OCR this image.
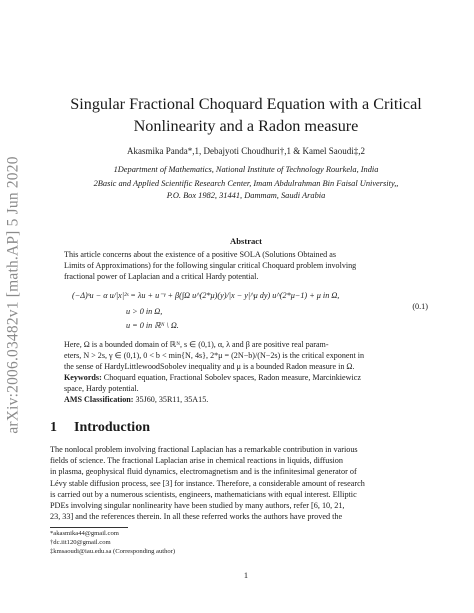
arXiv:2006.03482v1 [math.AP] 5 Jun 2020
Singular Fractional Choquard Equation with a Critical
Nonlinearity and a Radon measure
Akasmika Panda*,1, Debajyoti Choudhuri†,1 & Kamel Saoudi‡,2
1Department of Mathematics, National Institute of Technology Rourkela, India
2Basic and Applied Scientific Research Center, Imam Abdulrahman Bin Faisal University,,
P.O. Box 1982, 31441, Dammam, Saudi Arabia
Abstract
This article concerns about the existence of a positive SOLA (Solutions Obtained as
Limits of Approximations) for the following singular critical Choquard problem involving
fractional power of Laplacian and a critical Hardy potential.
(−Δ)ˢu − α u/|x|²ˢ = λu + u⁻ᵞ + β(∫Ω u^(2*μ)(y)/|x − y|^μ dy) u^(2*μ−1) + μ in Ω,
u > 0 in Ω,
u = 0 in ℝᴺ \ Ω.
(0.1)
Here, Ω is a bounded domain of ℝᴺ, s ∈ (0,1), α, λ and β are positive real param-
eters, N > 2s, γ ∈ (0,1), 0 < b < min{N, 4s}, 2*μ = (2N−b)/(N−2s) is the critical exponent in
the sense of HardyLittlewoodSobolev inequality and μ is a bounded Radon measure in Ω.
Keywords: Choquard equation, Fractional Sobolev spaces, Radon measure, Marcinkiewicz
space, Hardy potential.
AMS Classification: 35J60, 35R11, 35A15.
1 Introduction
The nonlocal problem involving fractional Laplacian has a remarkable contribution in various
fields of science. The fractional Laplacian arise in chemical reactions in liquids, diffusion
in plasma, geophysical fluid dynamics, electromagnetism and is the infinitesimal generator of
Lévy stable diffusion process, see [3] for instance. Therefore, a considerable amount of research
is carried out by a numerous scientists, engineers, mathematicians with equal interest. Elliptic
PDEs involving singular nonlinearity have been studied by many authors, refer [6, 10, 21,
23, 33] and the references therein. In all these referred works the authors have proved the
*akasmika44@gmail.com
†dc.iit120@gmail.com
‡kmsaoudi@iau.edu.sa (Corresponding author)
1
